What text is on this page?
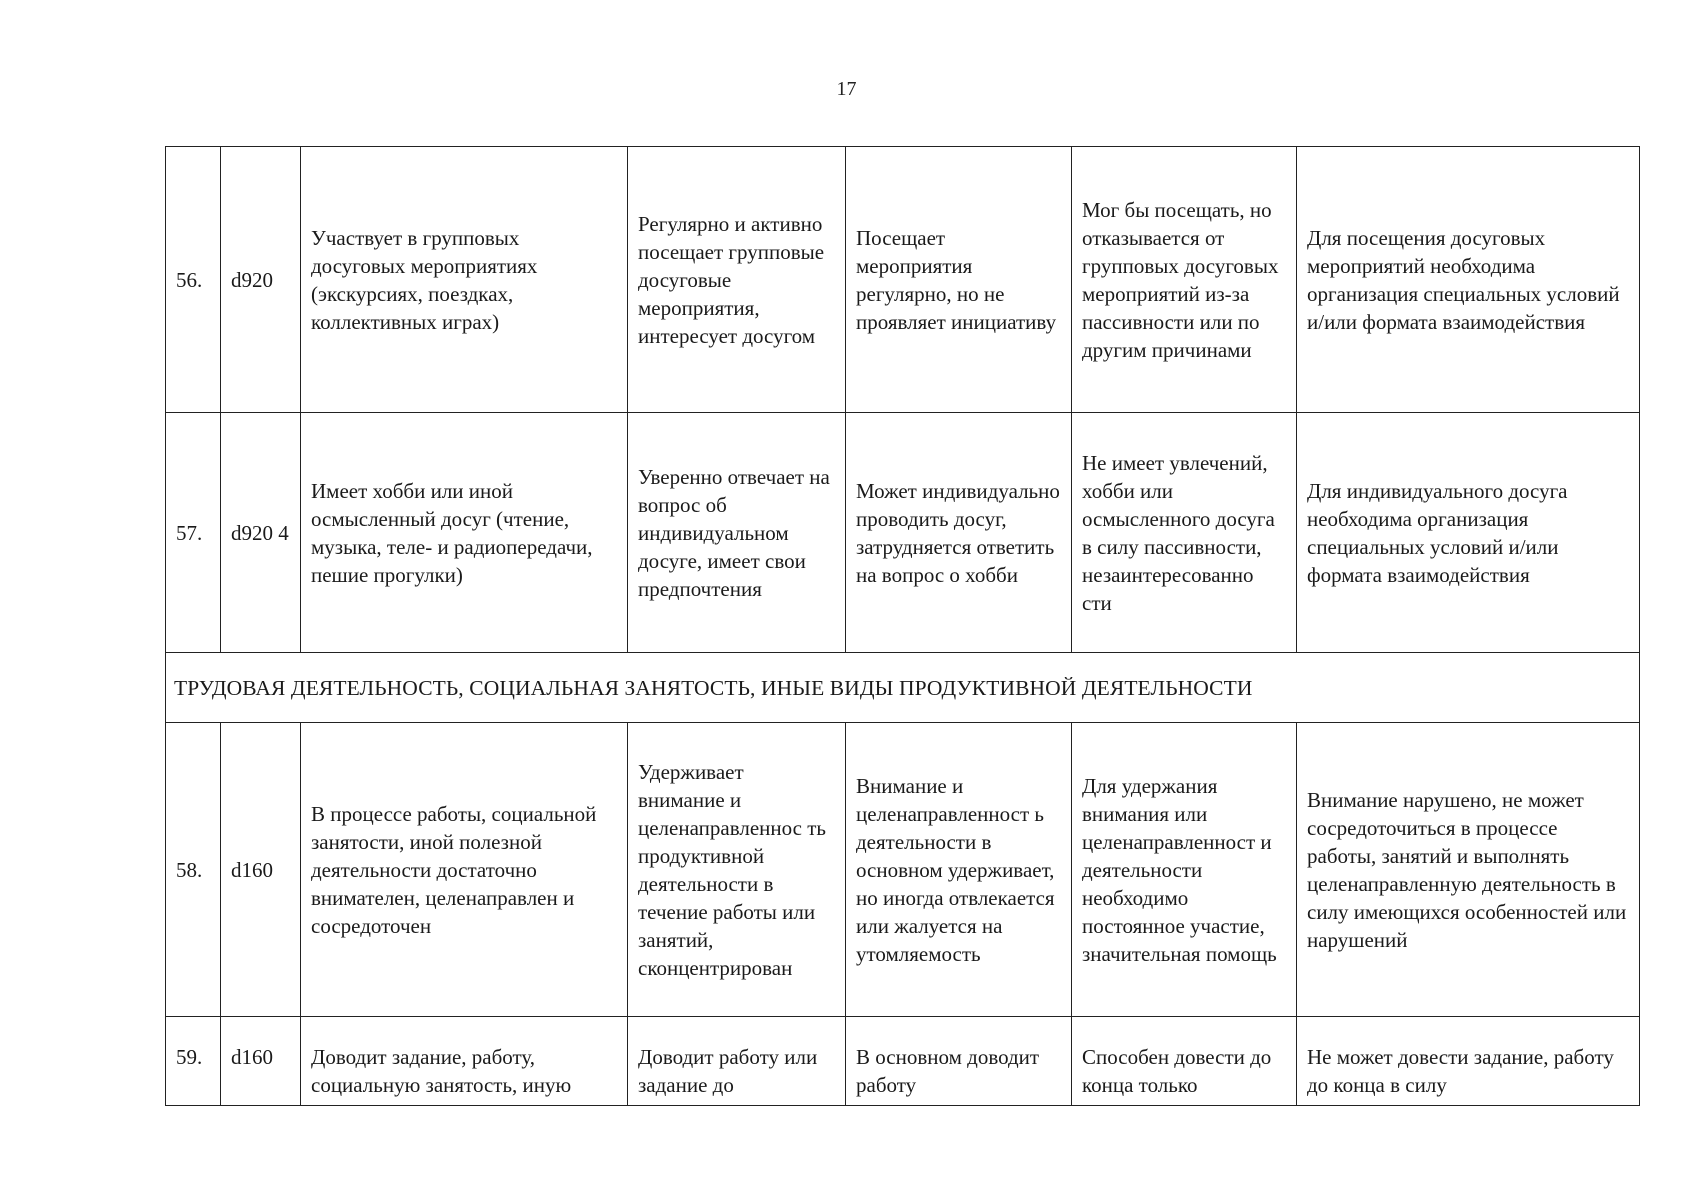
17
56.	d920	Участвует в групповых досуговых мероприятиях (экскурсиях, поездках, коллективных играх)	Регулярно и активно посещает групповые досуговые мероприятия, интересует досугом	Посещает мероприятия регулярно, но не проявляет инициативу	Мог бы посещать, но отказывается от групповых досуговых мероприятий из-за пассивности или по другим причинами	Для посещения досуговых мероприятий необходима организация специальных условий и/или формата взаимодействия
57.	d920 4	Имеет хобби или иной осмысленный досуг (чтение, музыка, теле- и радиопередачи, пешие прогулки)	Уверенно отвечает на вопрос об индивидуальном досуге, имеет свои предпочтения	Может индивидуально проводить досуг, затрудняется ответить на вопрос о хобби	Не имеет увлечений, хобби или осмысленного досуга в силу пассивности, незаинтересованно сти	Для индивидуального досуга необходима организация специальных условий и/или формата взаимодействия
ТРУДОВАЯ ДЕЯТЕЛЬНОСТЬ, СОЦИАЛЬНАЯ ЗАНЯТОСТЬ, ИНЫЕ ВИДЫ ПРОДУКТИВНОЙ ДЕЯТЕЛЬНОСТИ						
58.	d160	В процессе работы, социальной занятости, иной полезной деятельности достаточно внимателен, целенаправлен и сосредоточен	Удерживает внимание и целенаправленнос ть продуктивной деятельности в течение работы или занятий, сконцентрирован	Внимание и целенаправленност ь деятельности в основном удерживает, но иногда отвлекается или жалуется на утомляемость	Для удержания внимания или целенаправленност и деятельности необходимо постоянное участие, значительная помощь	Внимание нарушено, не может сосредоточиться в процессе работы, занятий и выполнять целенаправленную деятельность в силу имеющихся особенностей или нарушений

59.	d160	Доводит задание, работу, социальную занятость, иную	Доводит работу или задание до	В основном доводит работу	Способен довести до конца только	Не может довести задание, работу до конца в силу
